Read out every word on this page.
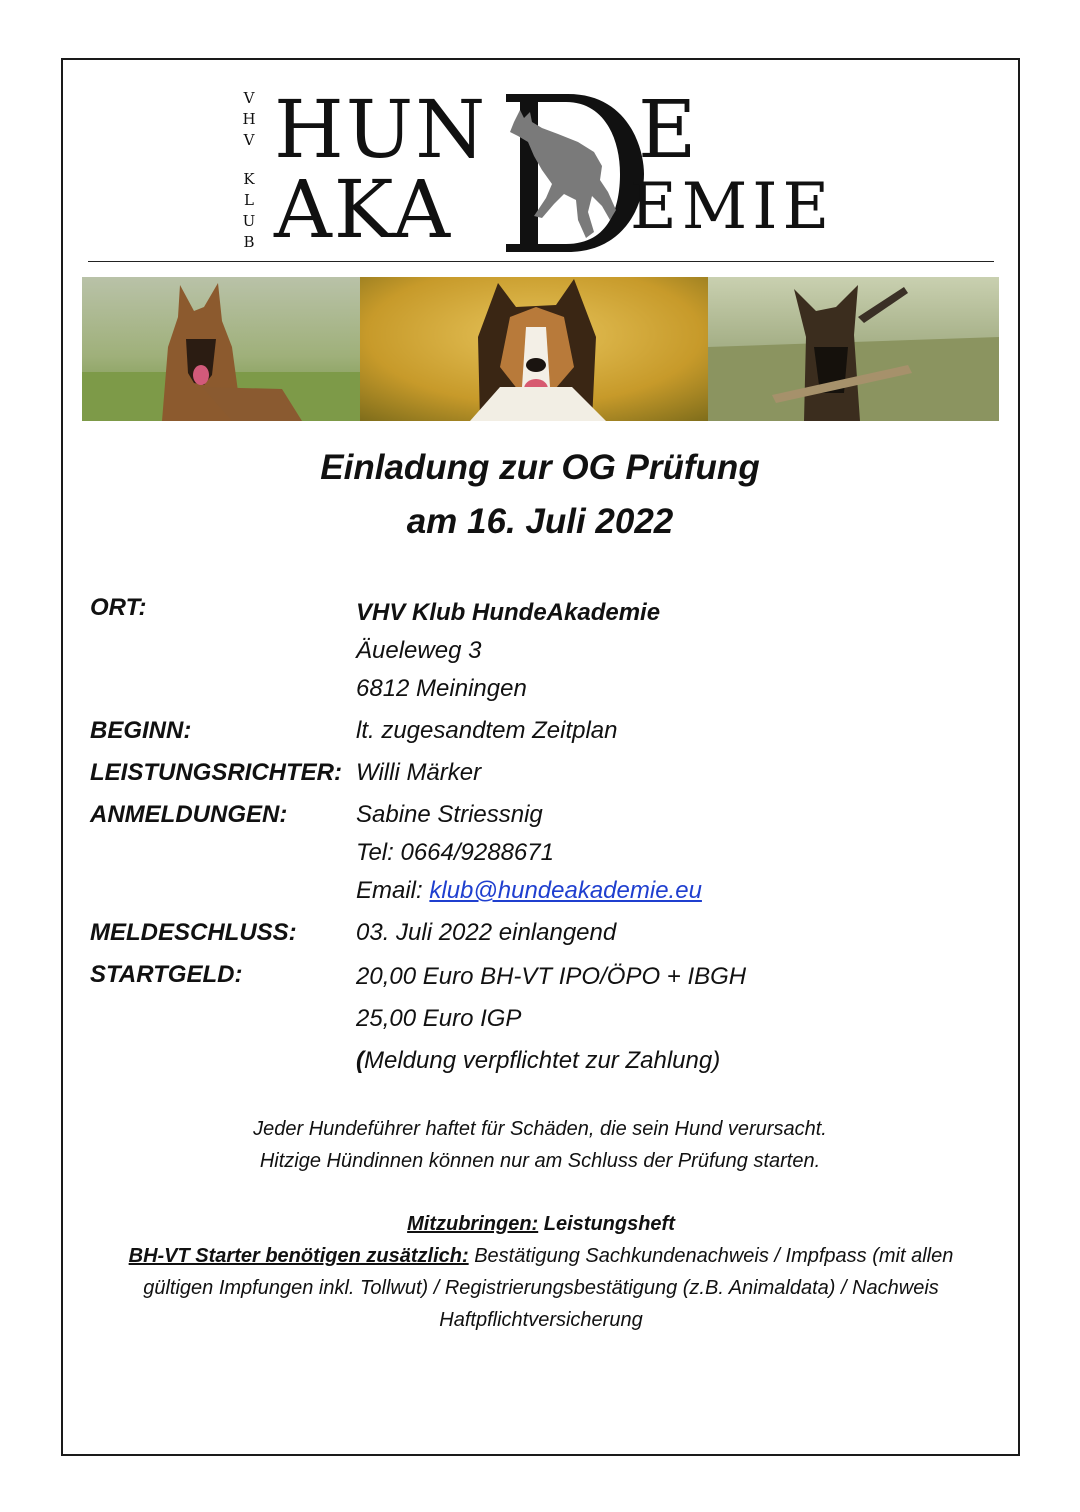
V
H
V
K
L
U
B
HUN
AKA
E
EMIE
Einladung zur OG Prüfung
am 16. Juli 2022
ORT:	VHV Klub HundeAkademie
Äueleweg 3
6812 Meiningen
BEGINN:	lt. zugesandtem Zeitplan
LEISTUNGSRICHTER: Willi Märker
ANMELDUNGEN:	Sabine Striessnig
Tel: 0664/9288671
Email: klub@hundeakademie.eu
MELDESCHLUSS:	03. Juli 2022 einlangend
STARTGELD:	20,00 Euro BH-VT IPO/ÖPO + IBGH
25,00 Euro IGP
(Meldung verpflichtet zur Zahlung)
Jeder Hundeführer haftet für Schäden, die sein Hund verursacht.
Hitzige Hündinnen können nur am Schluss der Prüfung starten.
Mitzubringen: Leistungsheft
BH-VT Starter benötigen zusätzlich: Bestätigung Sachkundenachweis / Impfpass (mit allen gültigen Impfungen inkl. Tollwut) / Registrierungsbestätigung (z.B. Animaldata) / Nachweis Haftpflichtversicherung
